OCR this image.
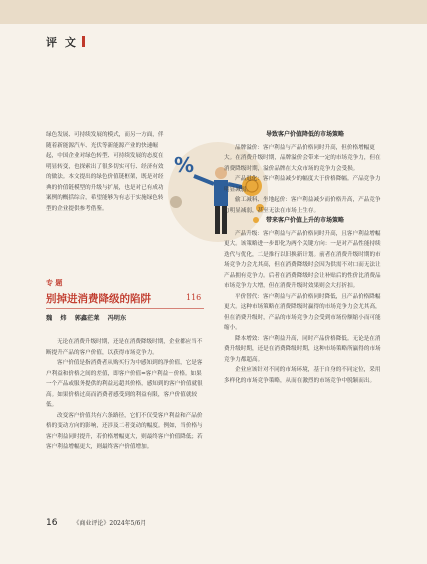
评 文

绿色发展、可持续发展的模式，而另一方面，伴随着新能源汽车、光伏等新能源产业的快速崛起，中国企业对绿色转型、可持续发展的态度在明显转变，也探索出了很多切实可行、经济有效的做法。本文提出的绿色价值链框架，既是对经典的价值链模型的升级与扩展，也是对已有成功案例的概括综合，希望能够为有志于实施绿色转型的企业提供参考借鉴。

%

导致客户价值降低的市场策略

品牌溢价：客户利益与产品价格同时升高，但价格增幅更大。在消费升级时期，品牌溢价会带来一定的市场竞争力，但在消费降级时期，溢价品牌在大众市场的竞争力会受损。

产品退化：客户利益减少的幅度大于价格降幅。产品竞争力明显减弱。

偷工减料、坐地起价：客户利益减少而价格升高，产品竞争力明显减弱，甚至无法在市场上生存。

带来客户价值上升的市场策略

产品升级：客户利益与产品价格同时升高，且客户利益增幅更大。该策略进一步即化为两个关键方向：一是对产品性能持续迭代与优化，二是推行以旧换新计划。前者在消费升级时期的市场竞争力会尤其高，但在消费降级时会因为供需不对口而无法让产品拥有竞争力。后者在消费降级时会让补贴后的性价比消费品市场竞争力大增，但在消费升级时效果则会大打折扣。

平价替代：客户利益与产品价格同时降低，且产品价格降幅更大。这种市场策略在消费降级时赢得的市场竞争力会尤其高，但在消费升级时，产品的市场竞争力会受到市场份额缩小而可能缩小。

降本增效：客户利益升高，同时产品价格降低。无论是在消费升级时期，还是在消费降级时期，这种市场策略所赢得的市场竞争力都超高。

企业应该针对不同的市场环境，基于自身的不同定位，采用多样化的市场竞争策略，从而在激烈的市场竞争中脱颖而出。

专 题
别掉进消费降级的陷阱	116
魏 炜 郭鑫茫莱 冯明东

无论在消费升级时期，还是在消费降级时期，企业都应当不断提升产品的客户价值，以获得市场竞争力。

客户价值是指消费者从购买行为中感知到的净价值，它是客户利益和价格之间的差值，即客户价值=客户利益－价格。如果一个产品或服务提供的利益远超其价格，感知到的客户价值就很高。如果价格过高而消费者感受到的利益有限，客户价值就较低。

改变客户价值共有六条路径，它们不仅受客户利益和产品价格的变动方向的影响，还涉及二者变动的幅度。例如，当价格与客户利益同时提升，若价格增幅更大，则最终客户价值降低；若客户利益增幅更大，则最终客户价值增加。

16	《商业评论》2024年5/6月
